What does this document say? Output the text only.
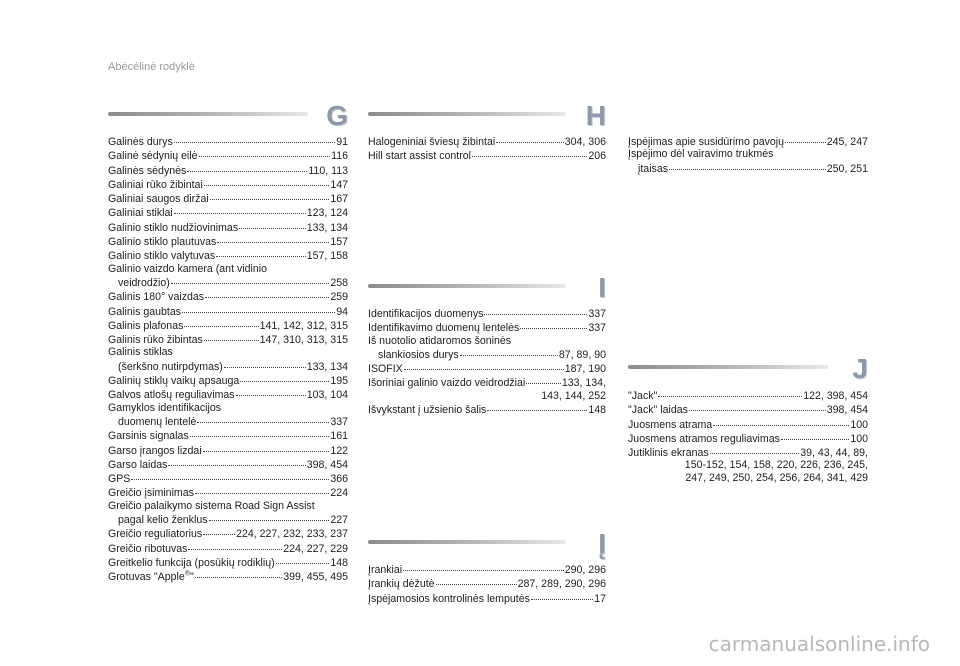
Abėcėlinė rodyklė
G	H
I
Į
J
Galinės durys	91
Galinė sėdynių eilė	116
Galinės sėdynės	110, 113
Galiniai rūko žibintai	147
Galiniai saugos diržai	167
Galiniai stiklai	123, 124
Galinio stiklo nudžiovinimas	133, 134
Galinio stiklo plautuvas	157
Galinio stiklo valytuvas	157, 158
Galinio vaizdo kamera (ant vidinio
veidrodžio)	258
Galinis 180° vaizdas	259
Galinis gaubtas	94
Galinis plafonas	141, 142, 312, 315
Galinis rūko žibintas	147, 310, 313, 315
Galinis stiklas
(šerkšno nutirpdymas)	133, 134
Galinių stiklų vaikų apsauga	195
Galvos atlošų reguliavimas	103, 104
Gamyklos identifikacijos
duomenų lentelė	337
Garsinis signalas	161
Garso įrangos lizdai	122
Garso laidas	398, 454
GPS	366
Greičio įsiminimas	224
Greičio palaikymo sistema Road Sign Assist
pagal kelio ženklus	227
Greičio reguliatorius	224, 227, 232, 233, 237
Greičio ribotuvas	224, 227, 229
Greitkelio funkcija (posūkių rodiklių)	148
Grotuvas "Apple®"	399, 455, 495
Halogeniniai šviesų žibintai	304, 306
Hill start assist control	206
Identifikacijos duomenys	337
Identifikavimo duomenų lentelės	337
Iš nuotolio atidaromos šoninės
slankiosios durys	87, 89, 90
ISOFIX	187, 190
Išoriniai galinio vaizdo veidrodžiai	133, 134,
143, 144, 252
Išvykstant į užsienio šalis	148
Įrankiai	290, 296
Įrankių dėžutė	287, 289, 290, 296
Įspėjamosios kontrolinės lemputės	17
Įspėjimas apie susidūrimo pavojų	245, 247
Įspėjimo dėl vairavimo trukmės
įtaisas	250, 251
"Jack"	122, 398, 454
"Jack" laidas	398, 454
Juosmens atrama	100
Juosmens atramos reguliavimas	100
Jutiklinis ekranas	39, 43, 44, 89,
150-152, 154, 158, 220, 226, 236, 245,
247, 249, 250, 254, 256, 264, 341, 429
carmanualsonline.info
